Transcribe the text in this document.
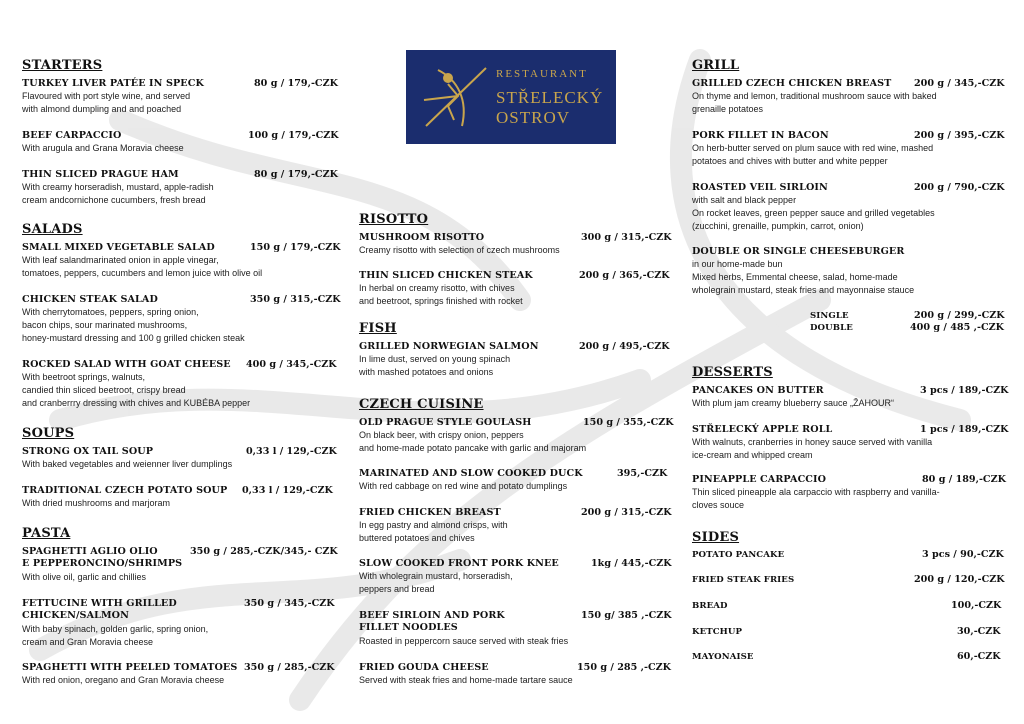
RESTAURANT
STŘELECKÝ
OSTROV
STARTERS
TURKEY LIVER PATÉE IN SPECK	80 g / 179,-CZK
Flavoured with port style wine, and served
with almond dumpling and and poached
BEEF CARPACCIO	100 g / 179,-CZK
With arugula and Grana Moravia cheese
THIN SLICED PRAGUE HAM	80 g / 179,-CZK
With creamy horseradish, mustard, apple-radish
cream andcornichone cucumbers, fresh bread
SALADS
SMALL MIXED VEGETABLE SALAD	150 g / 179,-CZK
With leaf salandmarinated onion in apple vinegar,
tomatoes, peppers, cucumbers and lemon juice with olive oil
CHICKEN STEAK SALAD	350 g / 315,-CZK
With cherrytomatoes, peppers, spring onion,
bacon chips, sour marinated mushrooms,
honey-mustard dressing and 100 g grilled chicken steak
ROCKED SALAD WITH GOAT CHEESE 400 g / 345,-CZK
With beetroot springs, walnuts,
candied thin sliced beetroot, crispy bread
and cranberrry dressing with chives and KUBÉBA pepper
SOUPS
STRONG OX TAIL SOUP	0,33 l / 129,-CZK
With baked vegetables and weienner liver dumplings
TRADITIONAL CZECH POTATO SOUP 0,33 l / 129,-CZK
With dried mushrooms and marjoram
PASTA
SPAGHETTI AGLIO OLIO
E PEPPERONCINO/SHRIMPS
350 g / 285,-CZK/345,- CZK
With olive oil, garlic and chillies
FETTUCINE WITH GRILLED
CHICKEN/SALMON
350 g / 345,-CZK
With baby spinach, golden garlic, spring onion,
cream and Gran Moravia cheese
SPAGHETTI WITH PEELED TOMATOES 350 g / 285,-CZK
With red onion, oregano and Gran Moravia cheese
RISOTTO
MUSHROOM RISOTTO	300 g / 315,-CZK
Creamy risotto with selection of czech mushrooms
THIN SLICED CHICKEN STEAK	200 g / 365,-CZK
In herbal on creamy risotto, with chives
and beetroot, springs finished with rocket
FISH
GRILLED NORWEGIAN SALMON	200 g / 495,-CZK
In lime dust, served on young spinach
with mashed potatoes and onions
CZECH CUISINE
OLD PRAGUE STYLE GOULASH	150 g / 355,-CZK
On black beer, with crispy onion, peppers
and home-made potato pancake with garlic and majoram
MARINATED AND SLOW COOKED DUCK	395,-CZK
With red cabbage on red wine and potato dumplings
FRIED CHICKEN BREAST	200 g / 315,-CZK
In egg pastry and almond crisps, with
buttered potatoes and chives
SLOW COOKED FRONT PORK KNEE	1kg / 445,-CZK
With wholegrain mustard, horseradish,
peppers and bread
BEEF SIRLOIN AND PORK
FILLET NOODLES
150 g/ 385 ,-CZK
Roasted in peppercorn sauce served with steak fries
FRIED GOUDA CHEESE	150 g / 285 ,-CZK
Served with steak fries and home-made tartare sauce
GRILL
GRILLED CZECH CHICKEN BREAST 200 g / 345,-CZK
On thyme and lemon, traditional mushroom sauce with baked
grenaille potatoes
PORK FILLET IN BACON	200 g / 395,-CZK
On herb-butter served on plum sauce with red wine, mashed
potatoes and chives with butter and white pepper
ROASTED VEIL SIRLOIN	200 g / 790,-CZK
with salt and black pepper
On rocket leaves, green pepper sauce and grilled vegetables
(zucchini, grenaille, pumpkin, carrot, onion)
DOUBLE OR SINGLE CHEESEBURGER
in our home-made bun
Mixed herbs, Emmental cheese, salad, home-made
wholegrain mustard, steak fries and mayonnaise stauce
SINGLE	200 g / 299,-CZK
DOUBLE	400 g / 485 ,-CZK
DESSERTS
PANCAKES ON BUTTER	3 pcs / 189,-CZK
With plum jam creamy blueberry sauce „ŽAHOUR“
STŘELECKÝ APPLE ROLL	1 pcs / 189,-CZK
With walnuts, cranberries in honey sauce served with vanilla
ice-cream and whipped cream
PINEAPPLE CARPACCIO	80 g / 189,-CZK
Thin sliced pineapple ala carpaccio with raspberry and vanilla-
cloves souce
SIDES
POTATO PANCAKE	3 pcs / 90,-CZK
FRIED STEAK FRIES	200 g / 120,-CZK
BREAD	100,-CZK
KETCHUP	30,-CZK
MAYONAISE	60,-CZK
